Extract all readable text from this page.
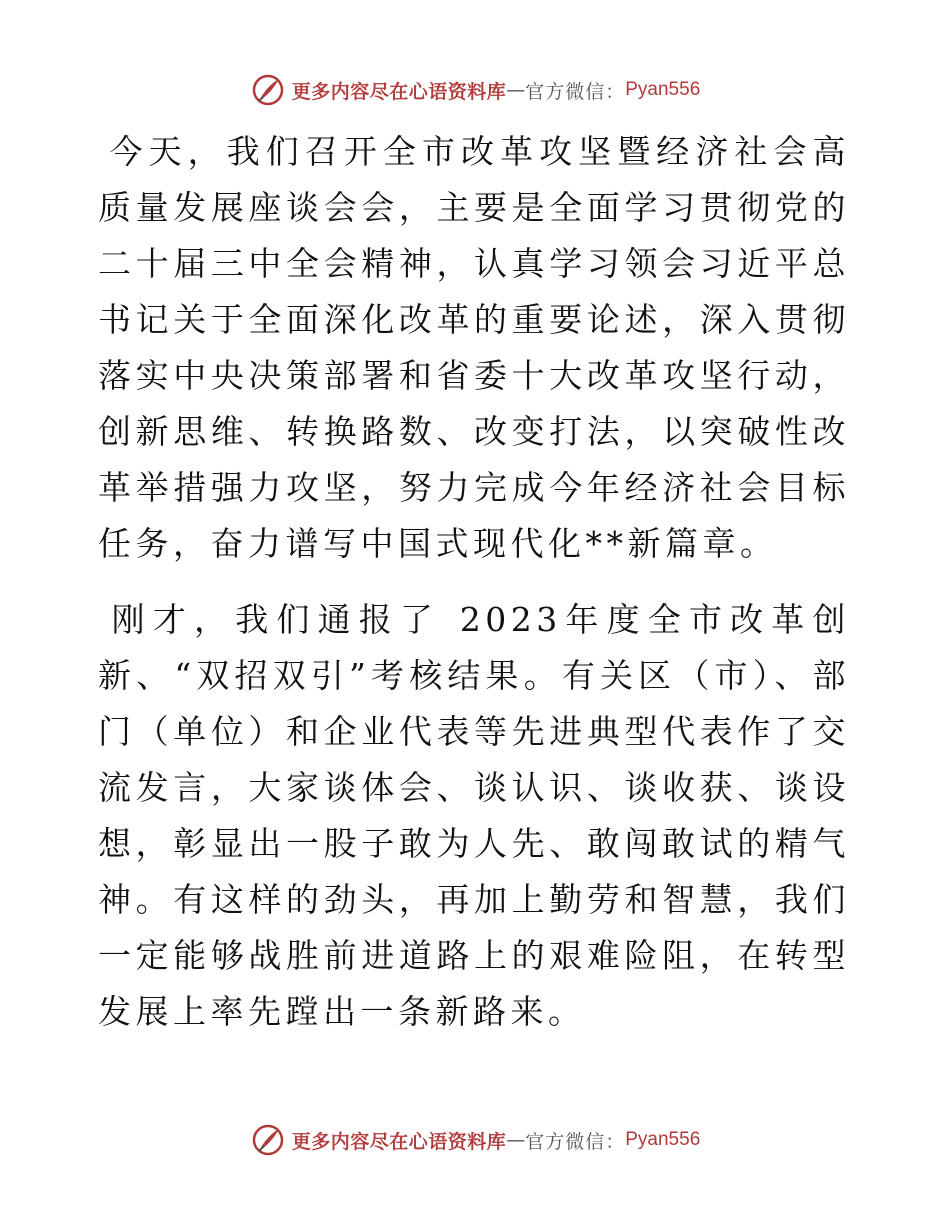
更多内容尽在心语资料库 — 官方微信： Pyan556

今天，我们召开全市改革攻坚暨经济社会高质量发展座谈会会，主要是全面学习贯彻党的二十届三中全会精神，认真学习领会习近平总书记关于全面深化改革的重要论述，深入贯彻落实中央决策部署和省委十大改革攻坚行动，创新思维、转换路数、改变打法，以突破性改革举措强力攻坚，努力完成今年经济社会目标任务，奋力谱写中国式现代化**新篇章。

刚才，我们通报了 2023年度全市改革创新、“双招双引”考核结果。有关区（市）、部门（单位）和企业代表等先进典型代表作了交流发言，大家谈体会、谈认识、谈收获、谈设想，彰显出一股子敢为人先、敢闯敢试的精气神。有这样的劲头，再加上勤劳和智慧，我们一定能够战胜前进道路上的艰难险阻，在转型发展上率先蹚出一条新路来。

更多内容尽在心语资料库 — 官方微信： Pyan556
